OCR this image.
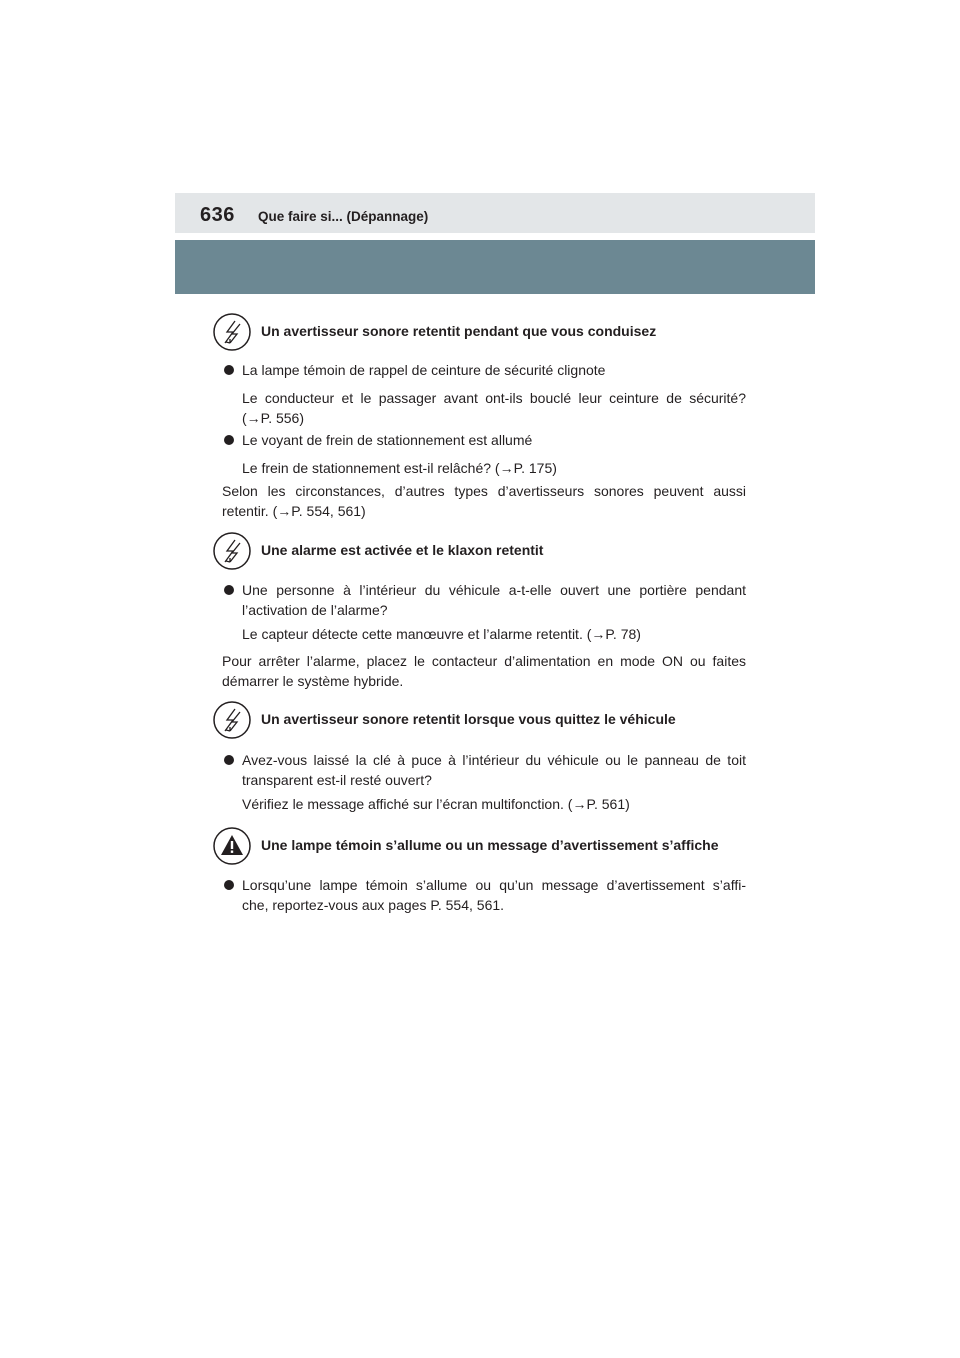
636 Que faire si... (Dépannage)
Un avertisseur sonore retentit pendant que vous conduisez
La lampe témoin de rappel de ceinture de sécurité clignote
Le conducteur et le passager avant ont-ils bouclé leur ceinture de sécurité?
(→P. 556)
Le voyant de frein de stationnement est allumé
Le frein de stationnement est-il relâché? (→P. 175)
Selon les circonstances, d’autres types d’avertisseurs sonores peuvent aussi
retentir. (→P. 554, 561)
Une alarme est activée et le klaxon retentit
Une personne à l’intérieur du véhicule a-t-elle ouvert une portière pendant
l’activation de l’alarme?
Le capteur détecte cette manœuvre et l’alarme retentit. (→P. 78)
Pour arrêter l’alarme, placez le contacteur d’alimentation en mode ON ou faites
démarrer le système hybride.
Un avertisseur sonore retentit lorsque vous quittez le véhicule
Avez-vous laissé la clé à puce à l’intérieur du véhicule ou le panneau de toit
transparent est-il resté ouvert?
Vérifiez le message affiché sur l’écran multifonction. (→P. 561)
Une lampe témoin s’allume ou un message d’avertissement s’affiche
Lorsqu’une lampe témoin s’allume ou qu’un message d’avertissement s’affi-
che, reportez-vous aux pages P. 554, 561.
